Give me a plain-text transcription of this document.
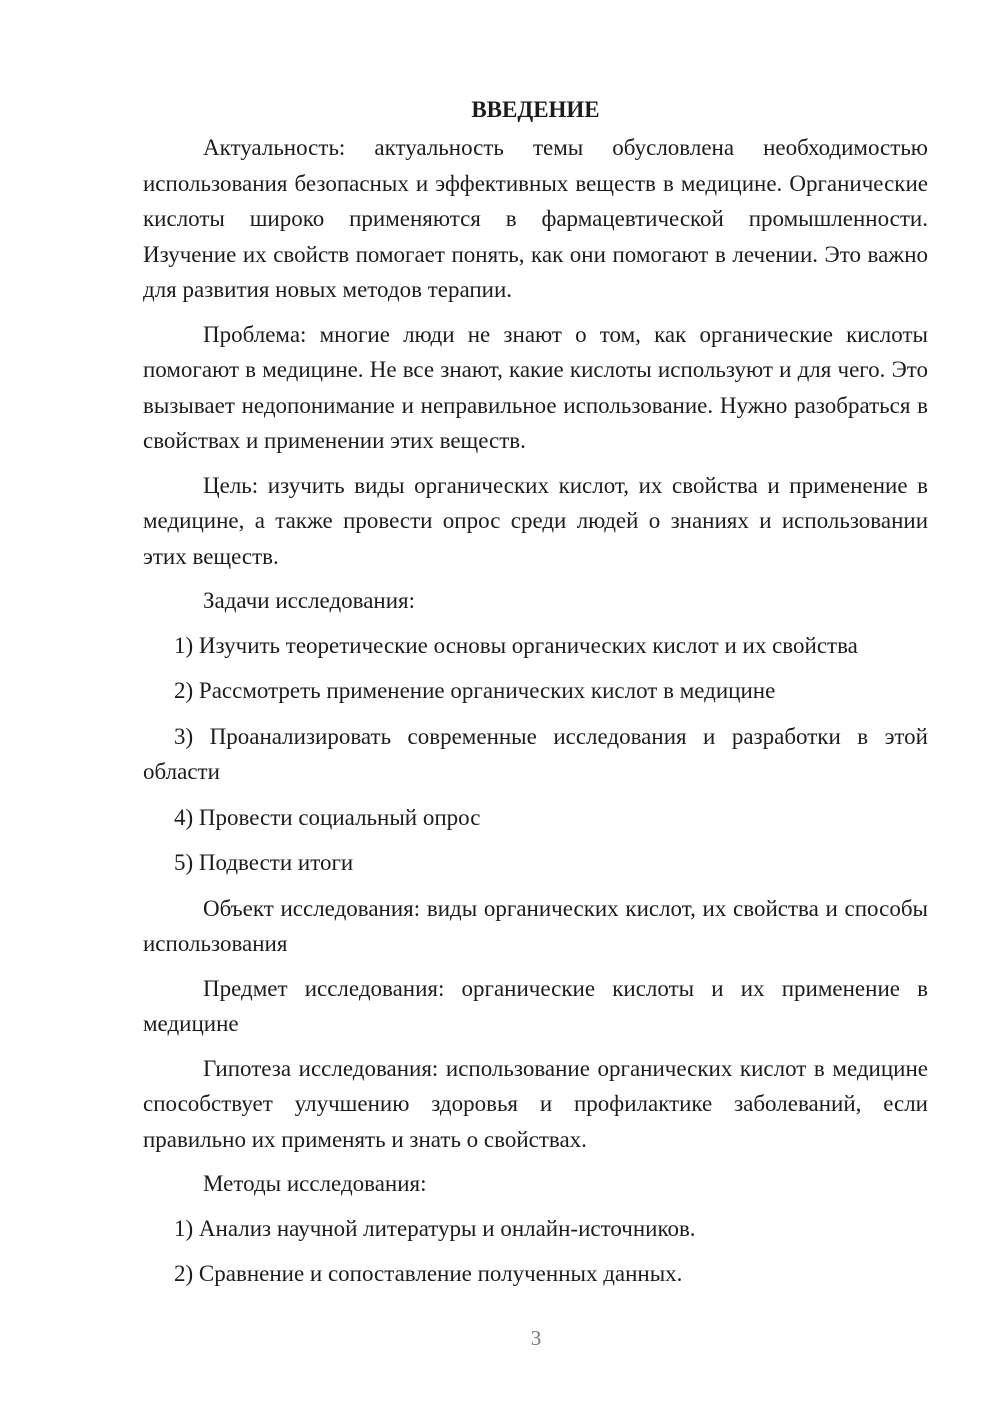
ВВЕДЕНИЕ

Актуальность: актуальность темы обусловлена необходимостью использования безопасных и эффективных веществ в медицине. Органические кислоты широко применяются в фармацевтической промышленности. Изучение их свойств помогает понять, как они помогают в лечении. Это важно для развития новых методов терапии.

Проблема: многие люди не знают о том, как органические кислоты помогают в медицине. Не все знают, какие кислоты используют и для чего. Это вызывает недопонимание и неправильное использование. Нужно разобраться в свойствах и применении этих веществ.

Цель: изучить виды органических кислот, их свойства и применение в медицине, а также провести опрос среди людей о знаниях и использовании этих веществ.

Задачи исследования:

1) Изучить теоретические основы органических кислот и их свойства

2) Рассмотреть применение органических кислот в медицине

3) Проанализировать современные исследования и разработки в этой области

4) Провести социальный опрос

5) Подвести итоги

Объект исследования: виды органических кислот, их свойства и способы использования

Предмет исследования: органические кислоты и их применение в медицине

Гипотеза исследования: использование органических кислот в медицине способствует улучшению здоровья и профилактике заболеваний, если правильно их применять и знать о свойствах.

Методы исследования:

1) Анализ научной литературы и онлайн-источников.

2) Сравнение и сопоставление полученных данных.

3
